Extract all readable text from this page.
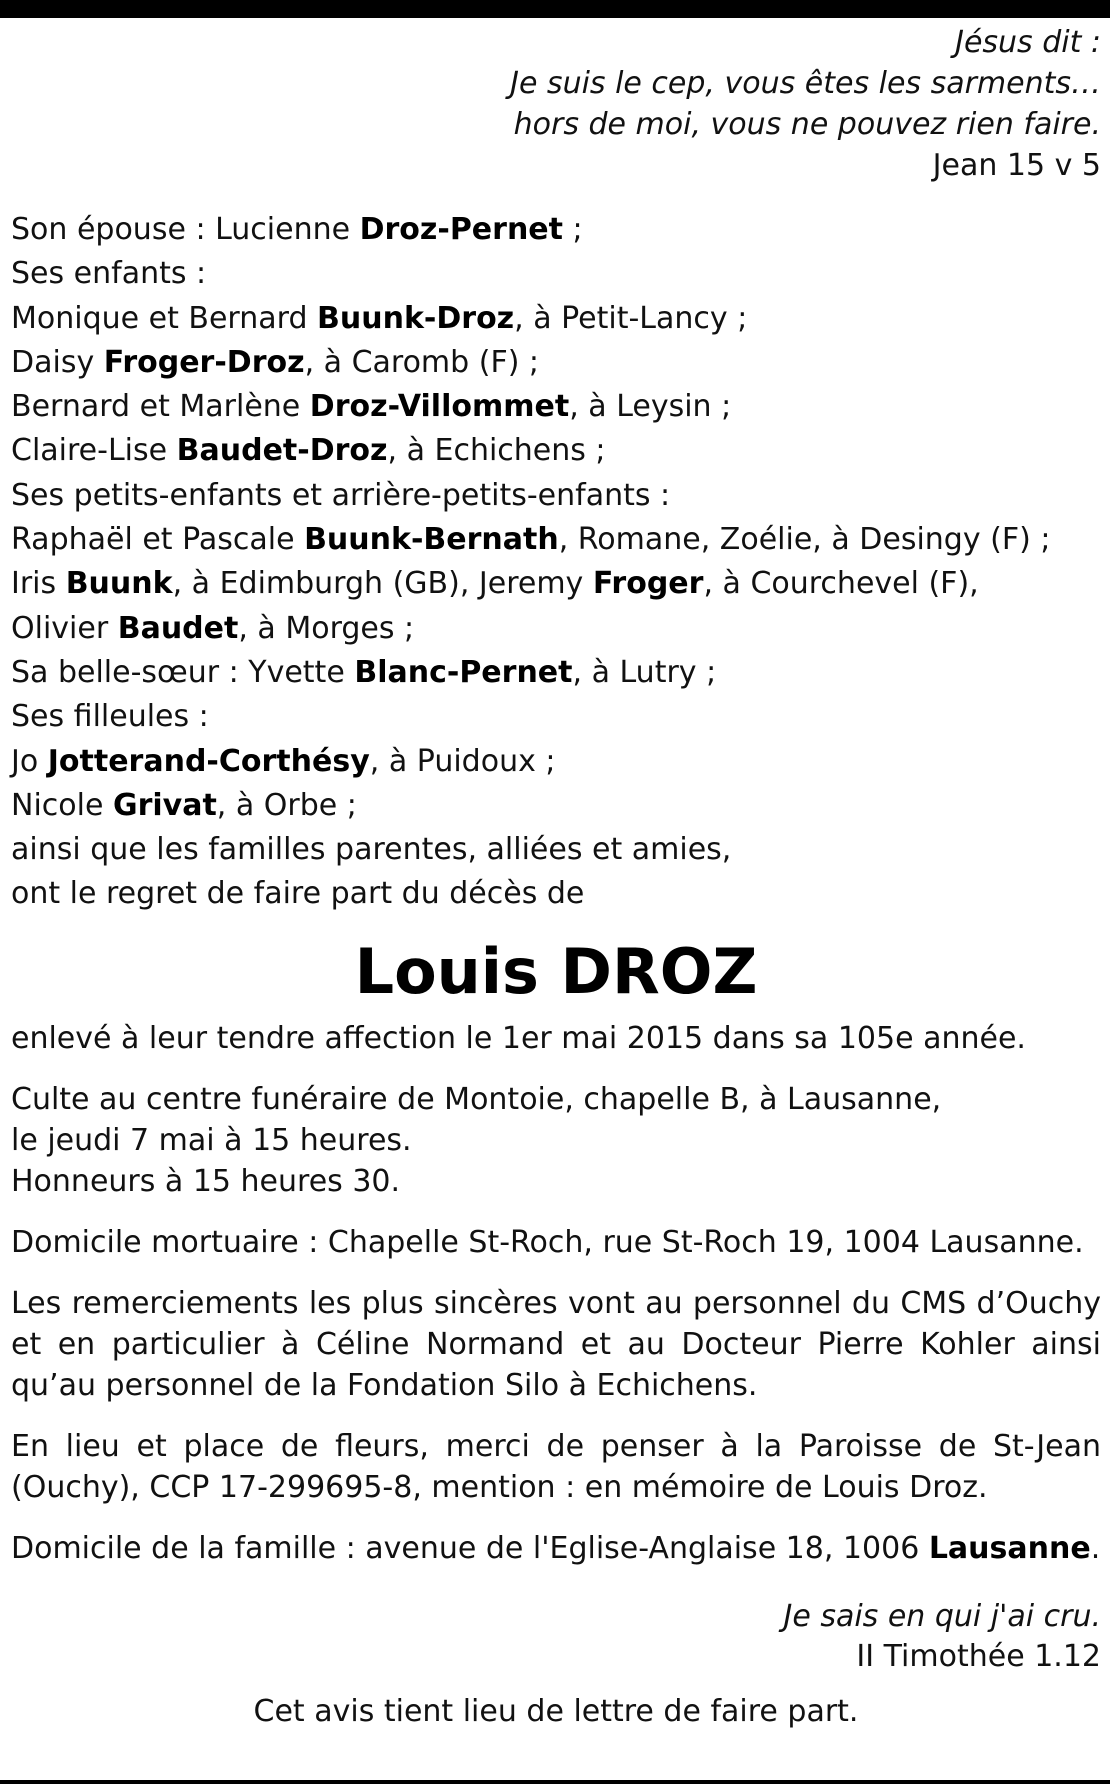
Jésus dit :
Je suis le cep, vous êtes les sarments…
hors de moi, vous ne pouvez rien faire.
Jean 15 v 5
Son épouse : Lucienne Droz-Pernet ;
Ses enfants :
Monique et Bernard Buunk-Droz, à Petit-Lancy ;
Daisy Froger-Droz, à Caromb (F) ;
Bernard et Marlène Droz-Villommet, à Leysin ;
Claire-Lise Baudet-Droz, à Echichens ;
Ses petits-enfants et arrière-petits-enfants :
Raphaël et Pascale Buunk-Bernath, Romane, Zoélie, à Desingy (F) ;
Iris Buunk, à Edimburgh (GB), Jeremy Froger, à Courchevel (F),
Olivier Baudet, à Morges ;
Sa belle-sœur : Yvette Blanc-Pernet, à Lutry ;
Ses filleules :
Jo Jotterand-Corthésy, à Puidoux ;
Nicole Grivat, à Orbe ;
ainsi que les familles parentes, alliées et amies,
ont le regret de faire part du décès de
Louis DROZ
enlevé à leur tendre affection le 1er mai 2015 dans sa 105e année.
Culte au centre funéraire de Montoie, chapelle B, à Lausanne,
le jeudi 7 mai à 15 heures.
Honneurs à 15 heures 30.
Domicile mortuaire : Chapelle St-Roch, rue St-Roch 19, 1004 Lausanne.
Les remerciements les plus sincères vont au personnel du CMS d’Ouchy et en particulier à Céline Normand et au Docteur Pierre Kohler ainsi qu’au personnel de la Fondation Silo à Echichens.
En lieu et place de fleurs, merci de penser à la Paroisse de St-Jean (Ouchy), CCP 17-299695-8, mention : en mémoire de Louis Droz.
Domicile de la famille : avenue de l'Eglise-Anglaise 18, 1006 Lausanne.
Je sais en qui j'ai cru.
II Timothée 1.12
Cet avis tient lieu de lettre de faire part.
